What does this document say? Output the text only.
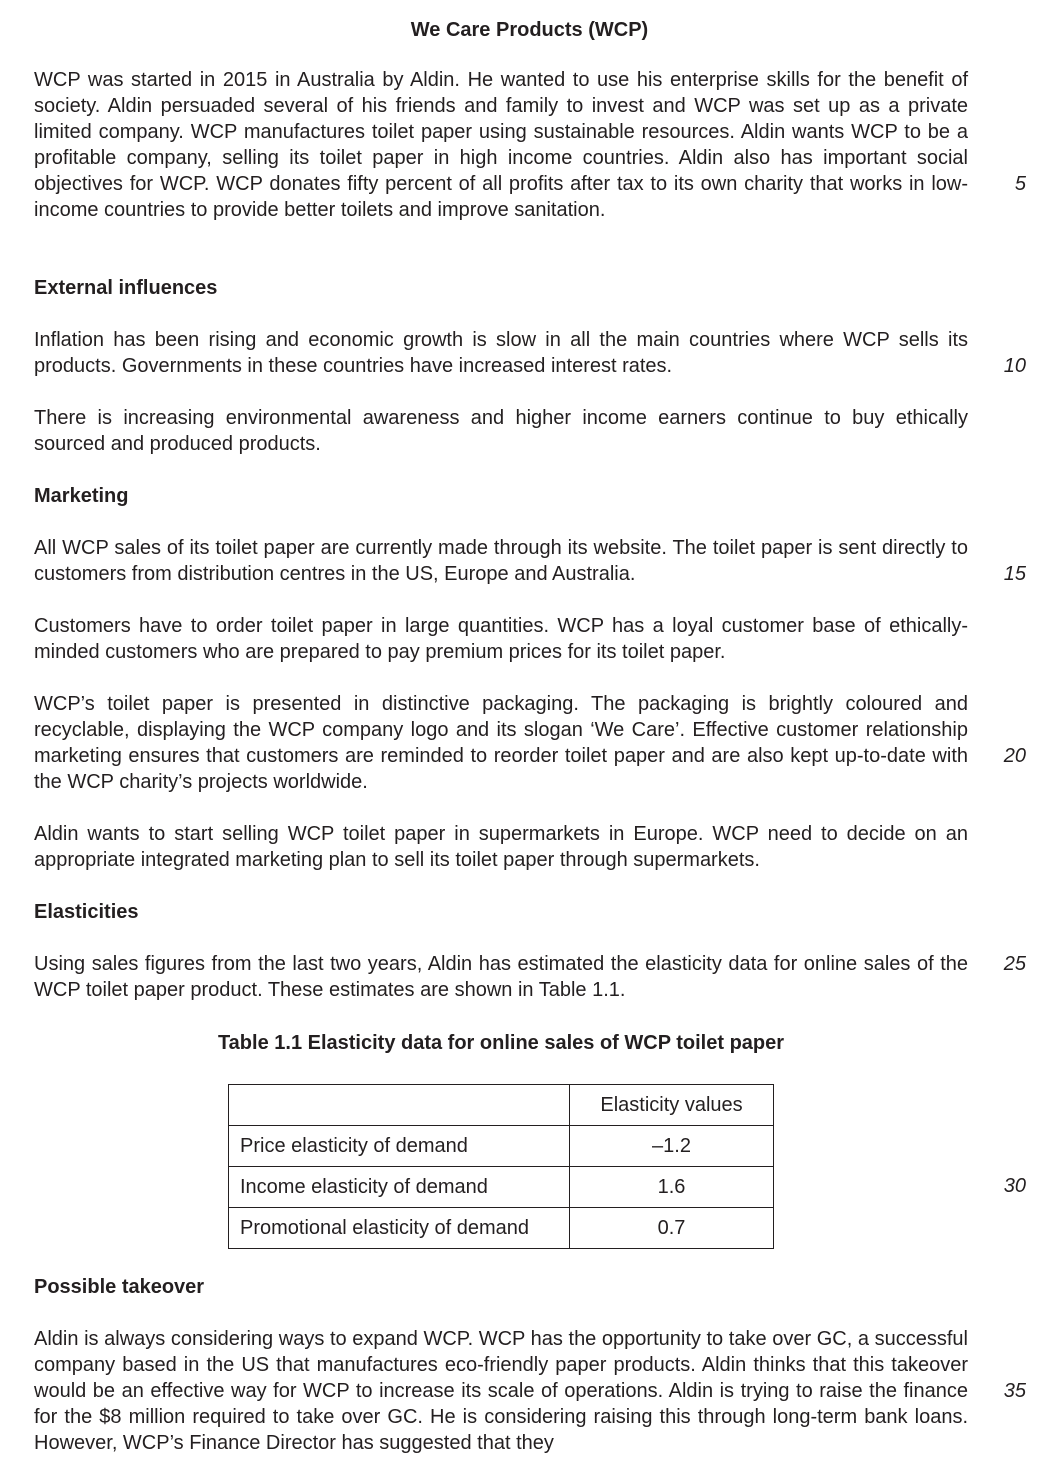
We Care Products (WCP)
WCP was started in 2015 in Australia by Aldin. He wanted to use his enterprise skills for the benefit of society. Aldin persuaded several of his friends and family to invest and WCP was set up as a private limited company. WCP manufactures toilet paper using sustainable resources. Aldin wants WCP to be a profitable company, selling its toilet paper in high income countries. Aldin also has important social objectives for WCP. WCP donates fifty percent of all profits after tax to its own charity that works in low-income countries to provide better toilets and improve sanitation.
External influences
Inflation has been rising and economic growth is slow in all the main countries where WCP sells its products. Governments in these countries have increased interest rates.
There is increasing environmental awareness and higher income earners continue to buy ethically sourced and produced products.
Marketing
All WCP sales of its toilet paper are currently made through its website. The toilet paper is sent directly to customers from distribution centres in the US, Europe and Australia.
Customers have to order toilet paper in large quantities. WCP has a loyal customer base of ethically-minded customers who are prepared to pay premium prices for its toilet paper.
WCP’s toilet paper is presented in distinctive packaging. The packaging is brightly coloured and recyclable, displaying the WCP company logo and its slogan ‘We Care’. Effective customer relationship marketing ensures that customers are reminded to reorder toilet paper and are also kept up-to-date with the WCP charity’s projects worldwide.
Aldin wants to start selling WCP toilet paper in supermarkets in Europe. WCP need to decide on an appropriate integrated marketing plan to sell its toilet paper through supermarkets.
Elasticities
Using sales figures from the last two years, Aldin has estimated the elasticity data for online sales of the WCP toilet paper product. These estimates are shown in Table 1.1.
Table 1.1 Elasticity data for online sales of WCP toilet paper
	Elasticity values
Price elasticity of demand	–1.2
Income elasticity of demand	1.6
Promotional elasticity of demand	0.7
Possible takeover
Aldin is always considering ways to expand WCP. WCP has the opportunity to take over GC, a successful company based in the US that manufactures eco-friendly paper products. Aldin thinks that this takeover would be an effective way for WCP to increase its scale of operations. Aldin is trying to raise the finance for the $8 million required to take over GC. He is considering raising this through long-term bank loans. However, WCP’s Finance Director has suggested that they
5
10
15
20
25
30
35
